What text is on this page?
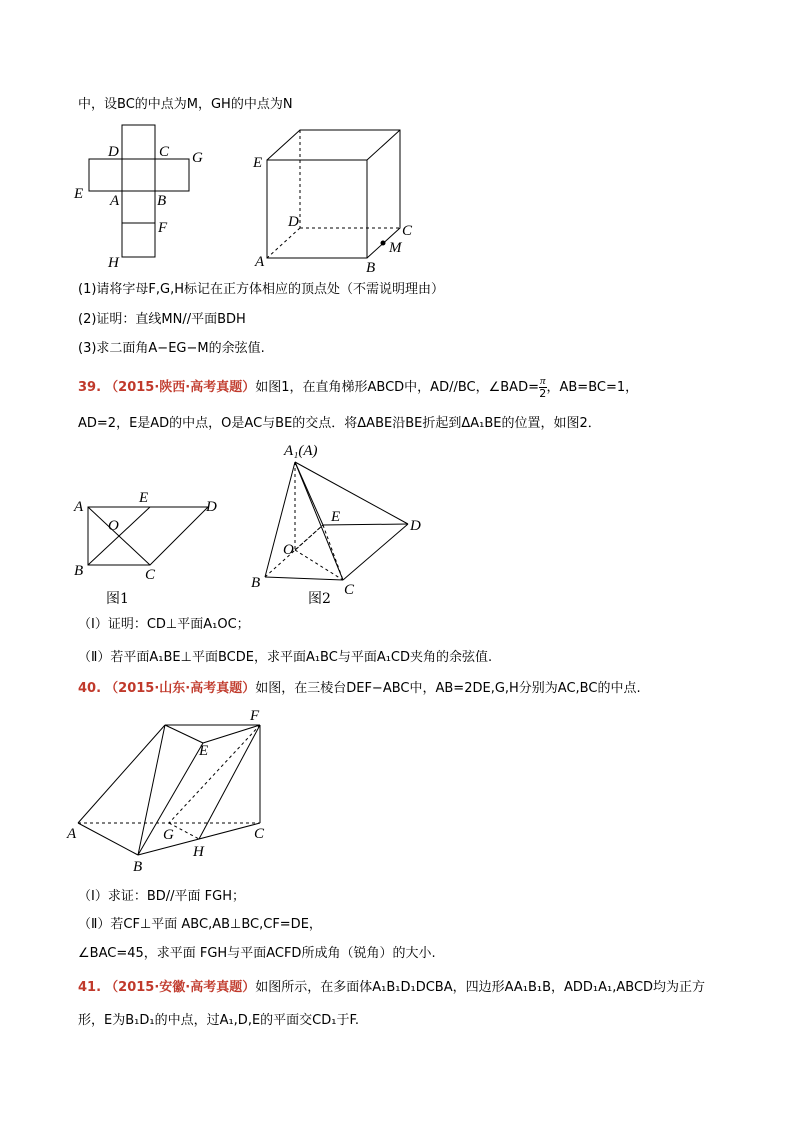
中，设BC的中点为M，GH的中点为N
D	C G
E A	B
F
H
E
D
C
M
A	B
(1)请将字母F,G,H标记在正方体相应的顶点处（不需说明理由）
(2)证明：直线MN//平面BDH
(3)求二面角A−EG−M的余弦值.
39. （2015·陕西·高考真题）如图1，在直角梯形ABCD中，AD//BC，∠BAD= $\frac{\pi}{2}$ ，AB=BC=1，
AD=2，E是AD的中点，O是AC与BE的交点．将ΔABE沿BE折起到ΔA₁BE的位置，如图2．
A
E
D
O
B	C
图1
A₁(A)
E
D
O
B	C
图2
（Ⅰ）证明：CD⊥平面A₁OC；
（Ⅱ）若平面A₁BE⊥平面BCDE，求平面A₁BC与平面A₁CD夹角的余弦值.
40. （2015·山东·高考真题）如图，在三棱台DEF−ABC中，AB=2DE,G,H分别为AC,BC的中点.
F
E
A	G	C
H
B
（Ⅰ）求证：BD//平面 FGH；
（Ⅱ）若CF⊥平面 ABC,AB⊥BC,CF=DE，
∠BAC=45，求平面 FGH与平面ACFD所成角（锐角）的大小.
41. （2015·安徽·高考真题）如图所示，在多面体A₁B₁D₁DCBA，四边形AA₁B₁B，ADD₁A₁,ABCD均为正方
形，E为B₁D₁的中点，过A₁,D,E的平面交CD₁于F.
